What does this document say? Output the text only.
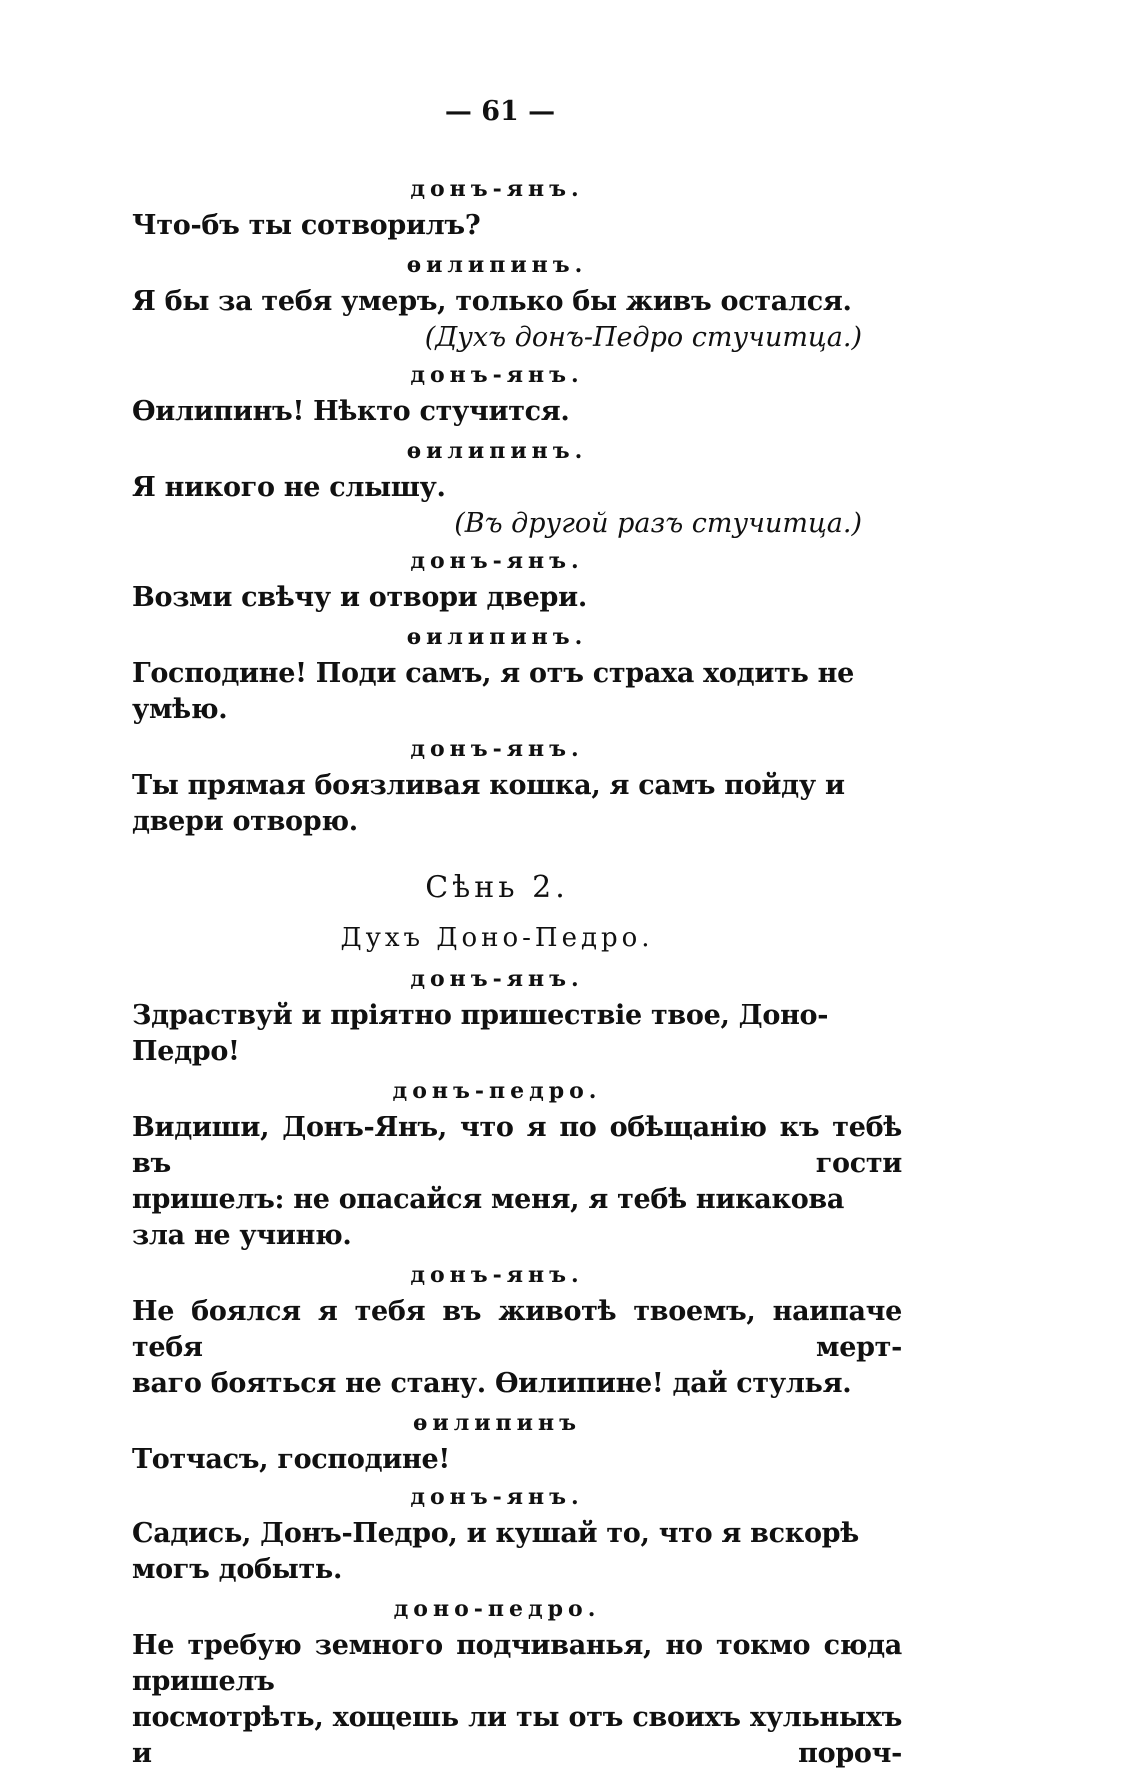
— 61 —

донъ-янъ.

Что-бъ ты сотворилъ?

ѳилипинъ.

Я бы за тебя умеръ, только бы живъ остался.

(Духъ донъ-Педро стучитца.)

донъ-янъ.

Ѳилипинъ! Нѣкто стучится.

ѳилипинъ.

Я никого не слышу.

(Въ другой разъ стучитца.)

донъ-янъ.

Возми свѣчу и отвори двери.

ѳилипинъ.

Господине! Поди самъ, я отъ страха ходить не умѣю.

донъ-янъ.

Ты прямая боязливая кошка, я самъ пойду и двери отворю.

Сѣнь 2.

Духъ Доно-Педро.

донъ-янъ.

Здраствуй и пріятно пришествіе твое, Доно-Педро!

донъ-педро.

Видиши, Донъ-Янъ, что я по обѣщанію къ тебѣ въ гости

пришелъ: не опасайся меня, я тебѣ никакова зла не учиню.

донъ-янъ.

Не боялся я тебя въ животѣ твоемъ, наипаче тебя мерт-

ваго бояться не стану. Ѳилипине! дай стулья.

ѳилипинъ

Тотчасъ, господине!

донъ-янъ.

Садись, Донъ-Педро, и кушай то, что я вскорѣ могъ добыть.

доно-педро.

Не требую земного подчиванья, но токмо сюда пришелъ

посмотрѣть, хощешь ли ты отъ своихъ хульныхъ и пороч-
